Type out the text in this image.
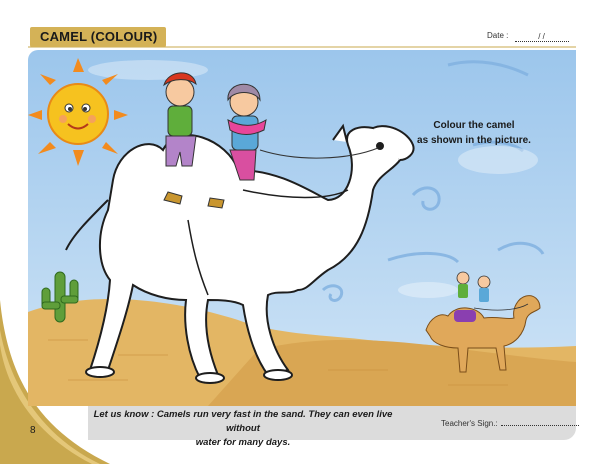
CAMEL (COLOUR)	Date :	/ /
Colour the camel
as shown in the picture.
Let us know : Camels run very fast in the sand. They can even live without
water for many days.
Teacher's Sign.:
8
